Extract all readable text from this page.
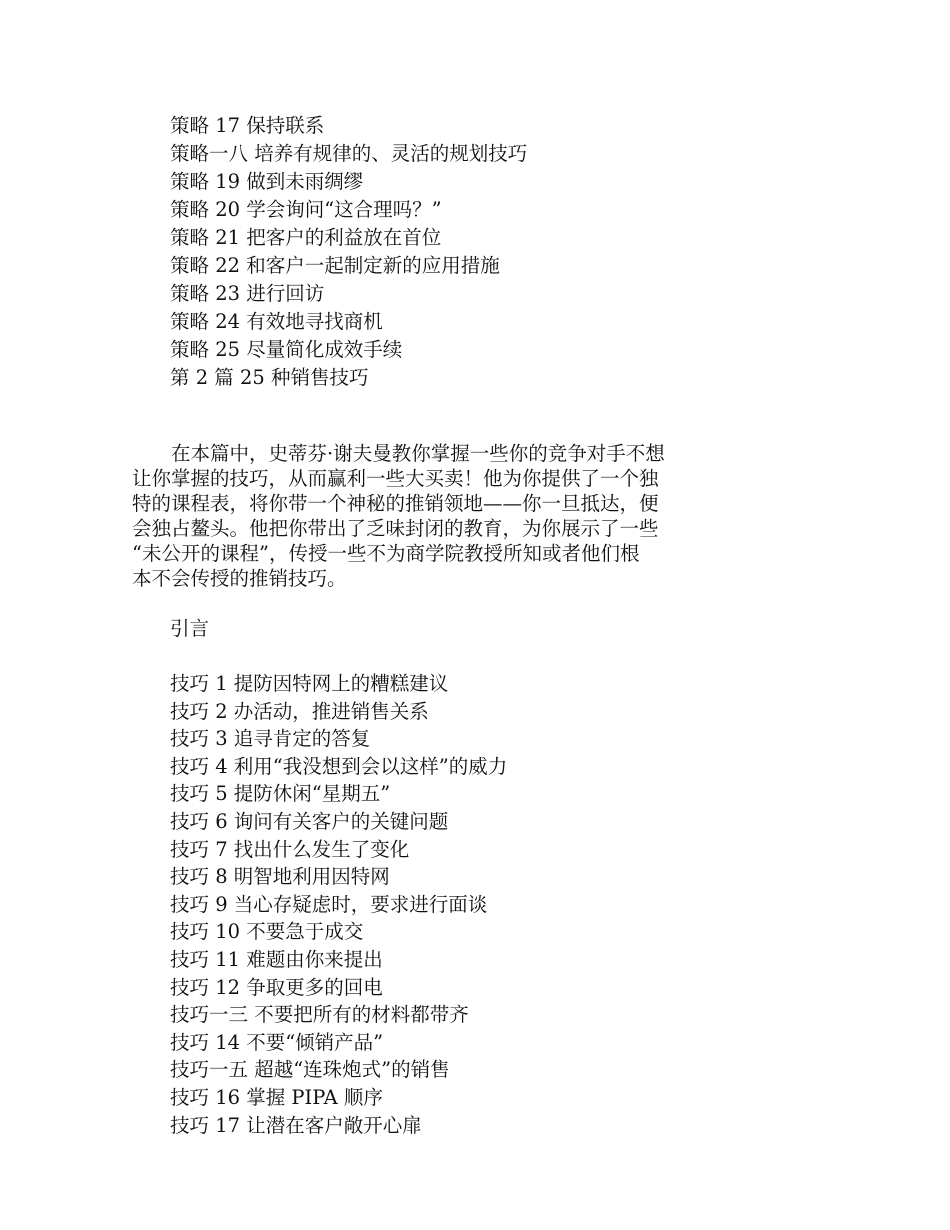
策略 17 保持联系
策略一八 培养有规律的、灵活的规划技巧
策略 19 做到未雨绸缪
策略 20 学会询问“这合理吗？”
策略 21 把客户的利益放在首位
策略 22 和客户一起制定新的应用措施
策略 23 进行回访
策略 24 有效地寻找商机
策略 25 尽量简化成效手续
第 2 篇 25 种销售技巧
　　在本篇中，史蒂芬·谢夫曼教你掌握一些你的竞争对手不想
让你掌握的技巧，从而赢利一些大买卖！他为你提供了一个独
特的课程表，将你带一个神秘的推销领地——你一旦抵达，便
会独占鳌头。他把你带出了乏味封闭的教育，为你展示了一些
“未公开的课程”，传授一些不为商学院教授所知或者他们根
本不会传授的推销技巧。
引言
技巧 1 提防因特网上的糟糕建议
技巧 2 办活动，推进销售关系
技巧 3 追寻肯定的答复
技巧 4 利用“我没想到会以这样”的威力
技巧 5 提防休闲“星期五”
技巧 6 询问有关客户的关键问题
技巧 7 找出什么发生了变化
技巧 8 明智地利用因特网
技巧 9 当心存疑虑时，要求进行面谈
技巧 10 不要急于成交
技巧 11 难题由你来提出
技巧 12 争取更多的回电
技巧一三 不要把所有的材料都带齐
技巧 14 不要“倾销产品”
技巧一五 超越“连珠炮式”的销售
技巧 16 掌握 PIPA 顺序
技巧 17 让潜在客户敞开心扉
